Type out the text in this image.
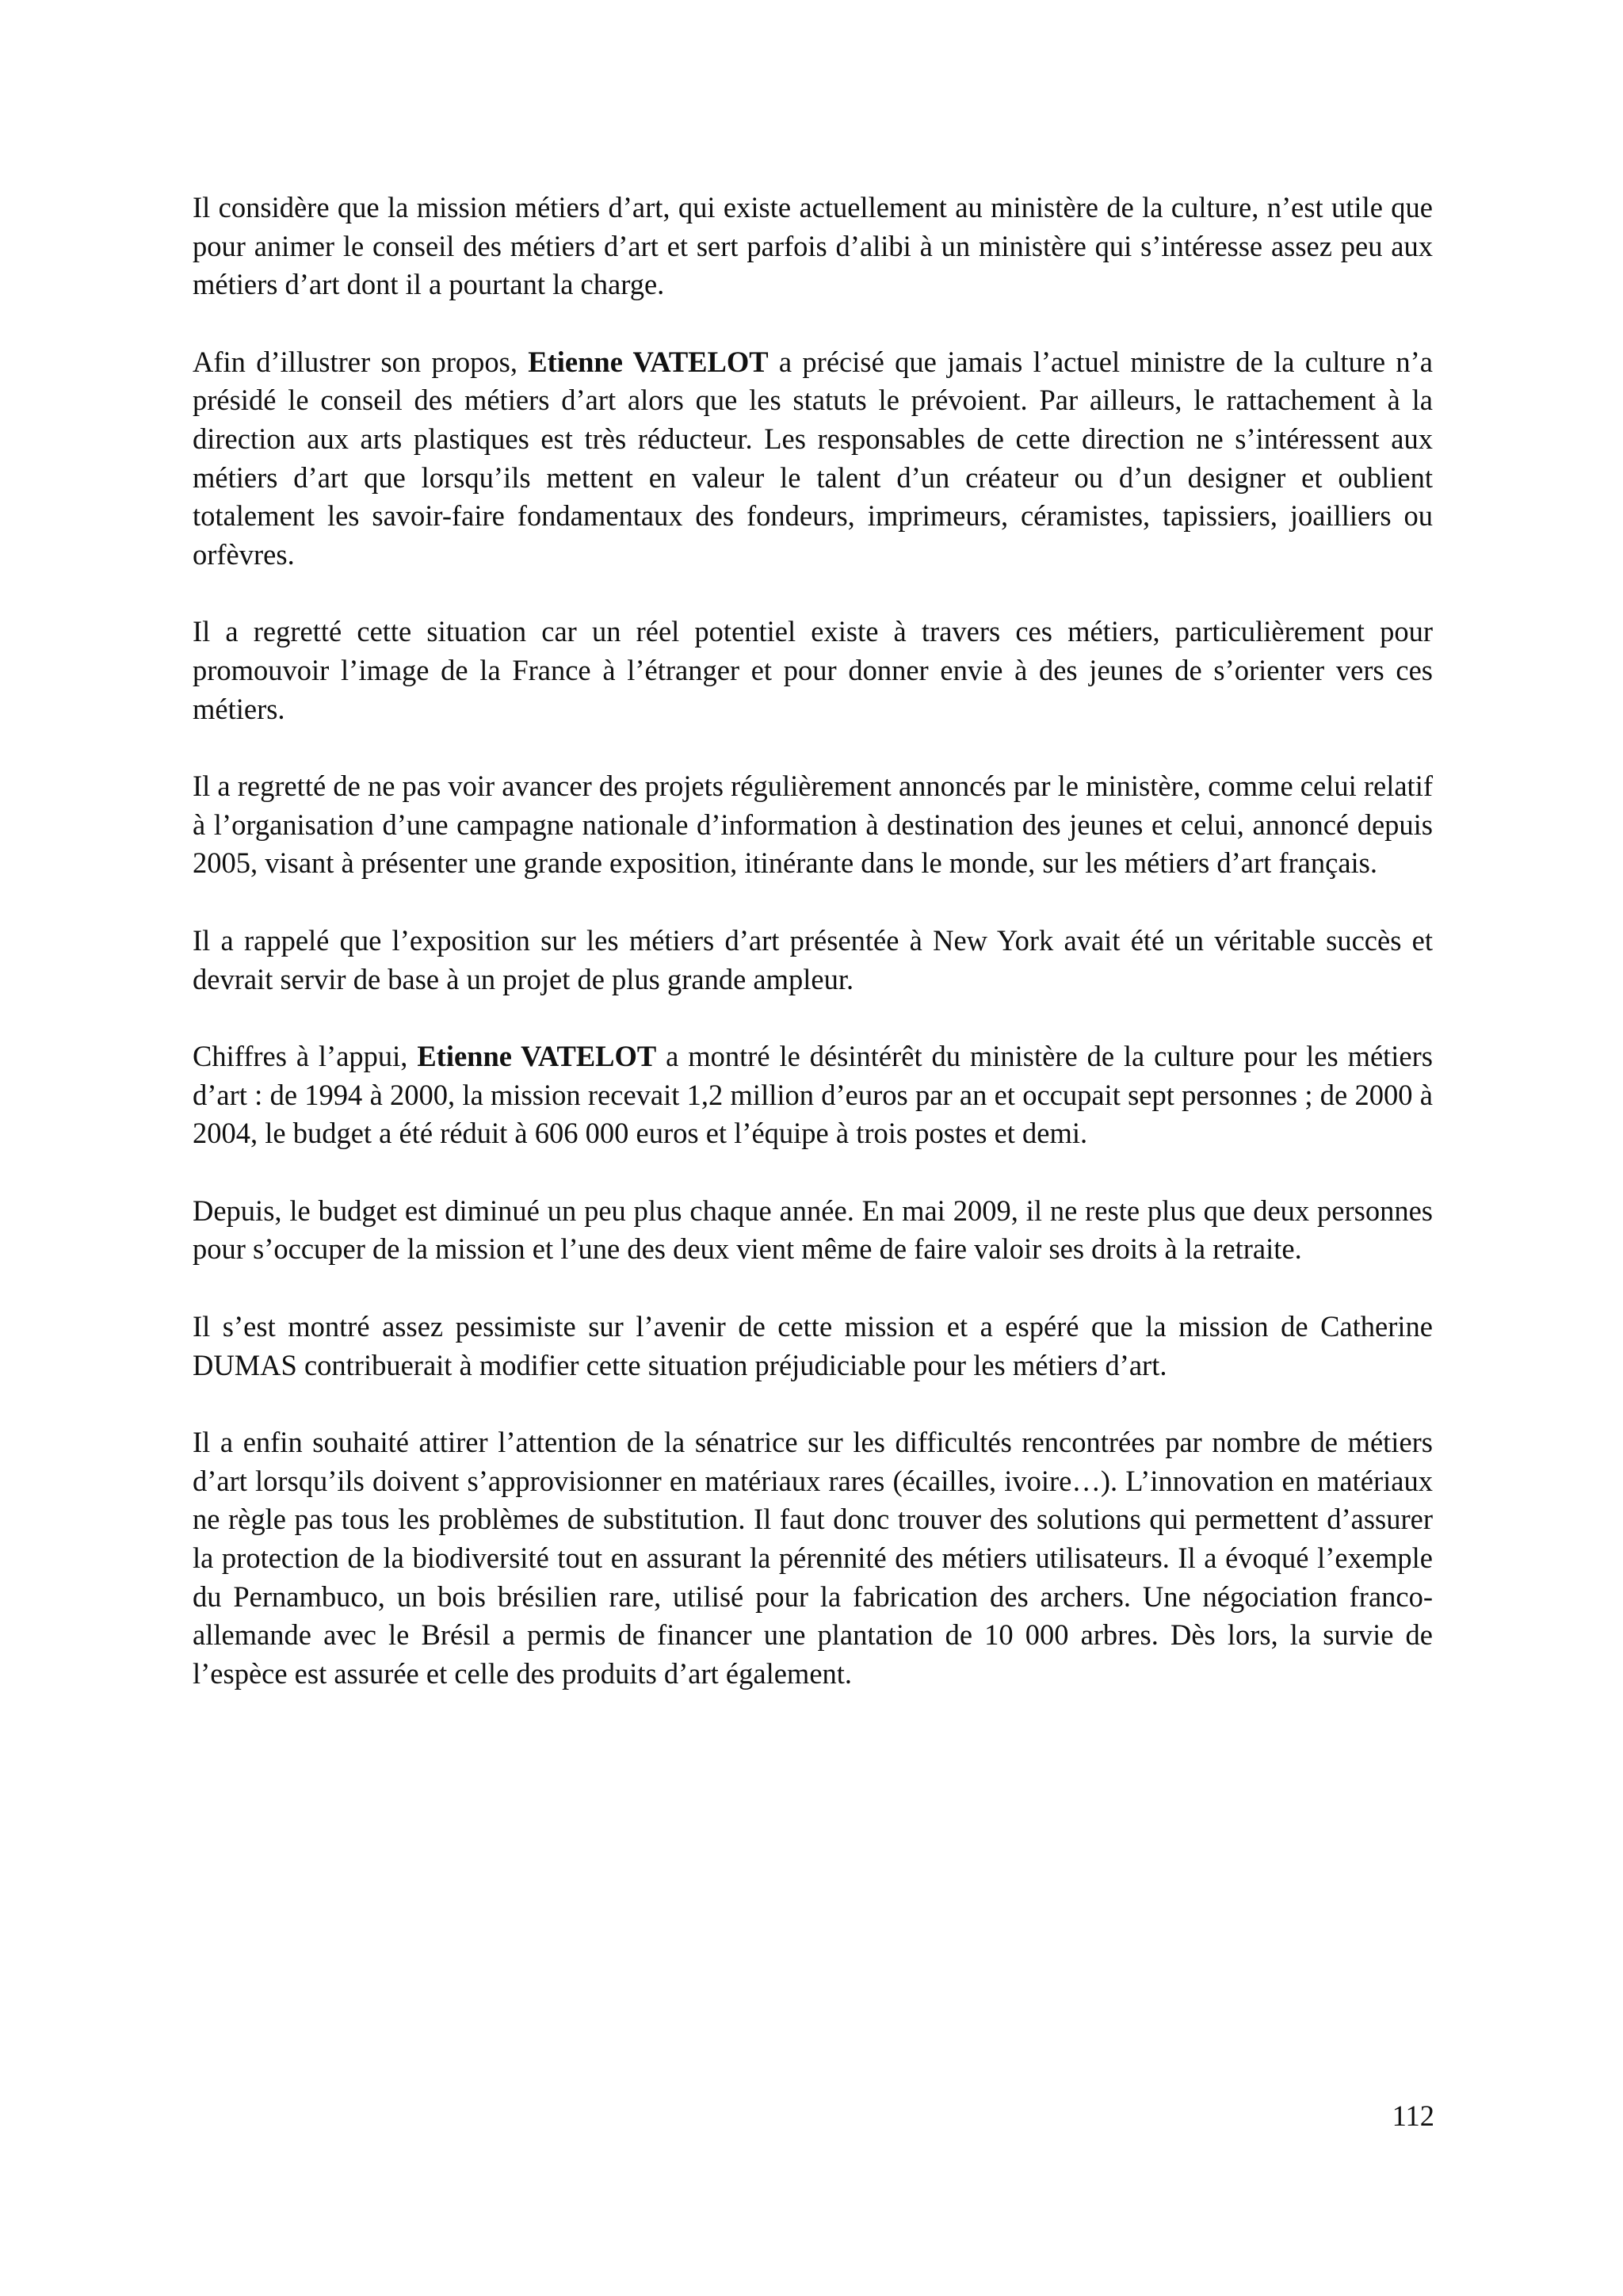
Il considère que la mission métiers d’art, qui existe actuellement au ministère de la culture, n’est utile que pour animer le conseil des métiers d’art et sert parfois d’alibi à un ministère qui s’intéresse assez peu aux métiers d’art dont il a pourtant la charge.

Afin d’illustrer son propos, Etienne VATELOT a précisé que jamais l’actuel ministre de la culture n’a présidé le conseil des métiers d’art alors que les statuts le prévoient. Par ailleurs, le rattachement à la direction aux arts plastiques est très réducteur. Les responsables de cette direction ne s’intéressent aux métiers d’art que lorsqu’ils mettent en valeur le talent d’un créateur ou d’un designer et oublient totalement les savoir-faire fondamentaux des fondeurs, imprimeurs, céramistes, tapissiers, joailliers ou orfèvres.

Il a regretté cette situation car un réel potentiel existe à travers ces métiers, particulièrement pour promouvoir l’image de la France à l’étranger et pour donner envie à des jeunes de s’orienter vers ces métiers.

Il a regretté de ne pas voir avancer des projets régulièrement annoncés par le ministère, comme celui relatif à l’organisation d’une campagne nationale d’information à destination des jeunes et celui, annoncé depuis 2005, visant à présenter une grande exposition, itinérante dans le monde, sur les métiers d’art français.

Il a rappelé que l’exposition sur les métiers d’art présentée à New York avait été un véritable succès et devrait servir de base à un projet de plus grande ampleur.

Chiffres à l’appui, Etienne VATELOT a montré le désintérêt du ministère de la culture pour les métiers d’art : de 1994 à 2000, la mission recevait 1,2 million d’euros par an et occupait sept personnes ; de 2000 à 2004, le budget a été réduit à 606 000 euros et l’équipe à trois postes et demi.

Depuis, le budget est diminué un peu plus chaque année. En mai 2009, il ne reste plus que deux personnes pour s’occuper de la mission et l’une des deux vient même de faire valoir ses droits à la retraite.

Il s’est montré assez pessimiste sur l’avenir de cette mission et a espéré que la mission de Catherine DUMAS contribuerait à modifier cette situation préjudiciable pour les métiers d’art.

Il a enfin souhaité attirer l’attention de la sénatrice sur les difficultés rencontrées par nombre de métiers d’art lorsqu’ils doivent s’approvisionner en matériaux rares (écailles, ivoire…). L’innovation en matériaux ne règle pas tous les problèmes de substitution. Il faut donc trouver des solutions qui permettent d’assurer la protection de la biodiversité tout en assurant la pérennité des métiers utilisateurs. Il a évoqué l’exemple du Pernambuco, un bois brésilien rare, utilisé pour la fabrication des archers. Une négociation franco-allemande avec le Brésil a permis de financer une plantation de 10 000 arbres. Dès lors, la survie de l’espèce est assurée et celle des produits d’art également.

112
